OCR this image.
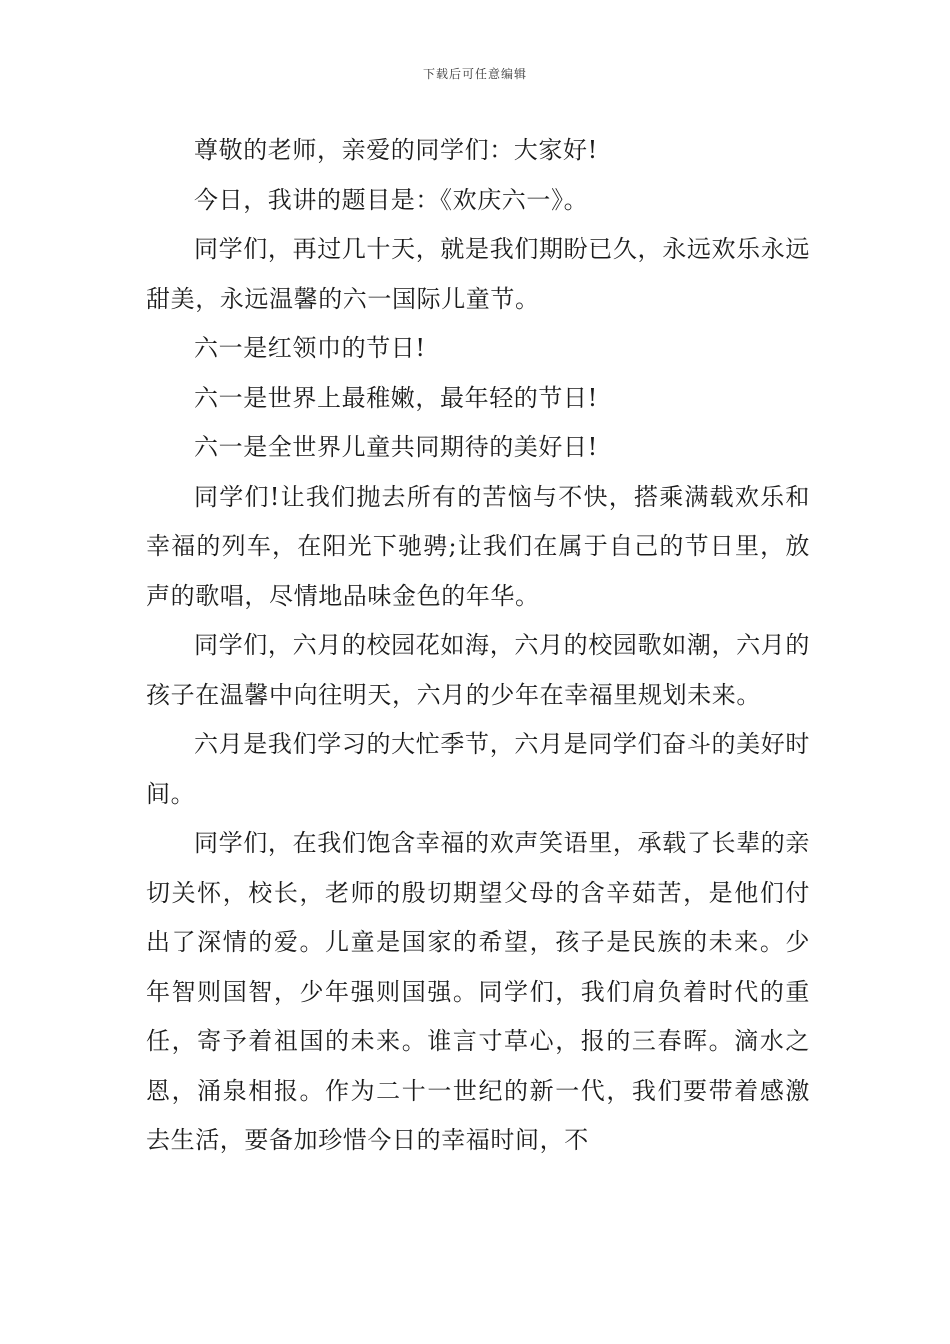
下载后可任意编辑

尊敬的老师，亲爱的同学们：大家好!

今日，我讲的题目是：《欢庆六一》。

同学们，再过几十天，就是我们期盼已久，永远欢乐永远甜美，永远温馨的六一国际儿童节。

六一是红领巾的节日!

六一是世界上最稚嫩，最年轻的节日!

六一是全世界儿童共同期待的美好日!

同学们!让我们抛去所有的苦恼与不快，搭乘满载欢乐和幸福的列车，在阳光下驰骋;让我们在属于自己的节日里，放声的歌唱，尽情地品味金色的年华。

同学们，六月的校园花如海，六月的校园歌如潮，六月的孩子在温馨中向往明天，六月的少年在幸福里规划未来。

六月是我们学习的大忙季节，六月是同学们奋斗的美好时间。

同学们，在我们饱含幸福的欢声笑语里，承载了长辈的亲切关怀，校长，老师的殷切期望父母的含辛茹苦，是他们付出了深情的爱。儿童是国家的希望，孩子是民族的未来。少年智则国智，少年强则国强。同学们，我们肩负着时代的重任，寄予着祖国的未来。谁言寸草心，报的三春晖。滴水之恩，涌泉相报。作为二十一世纪的新一代，我们要带着感激去生活，要备加珍惜今日的幸福时间，不
